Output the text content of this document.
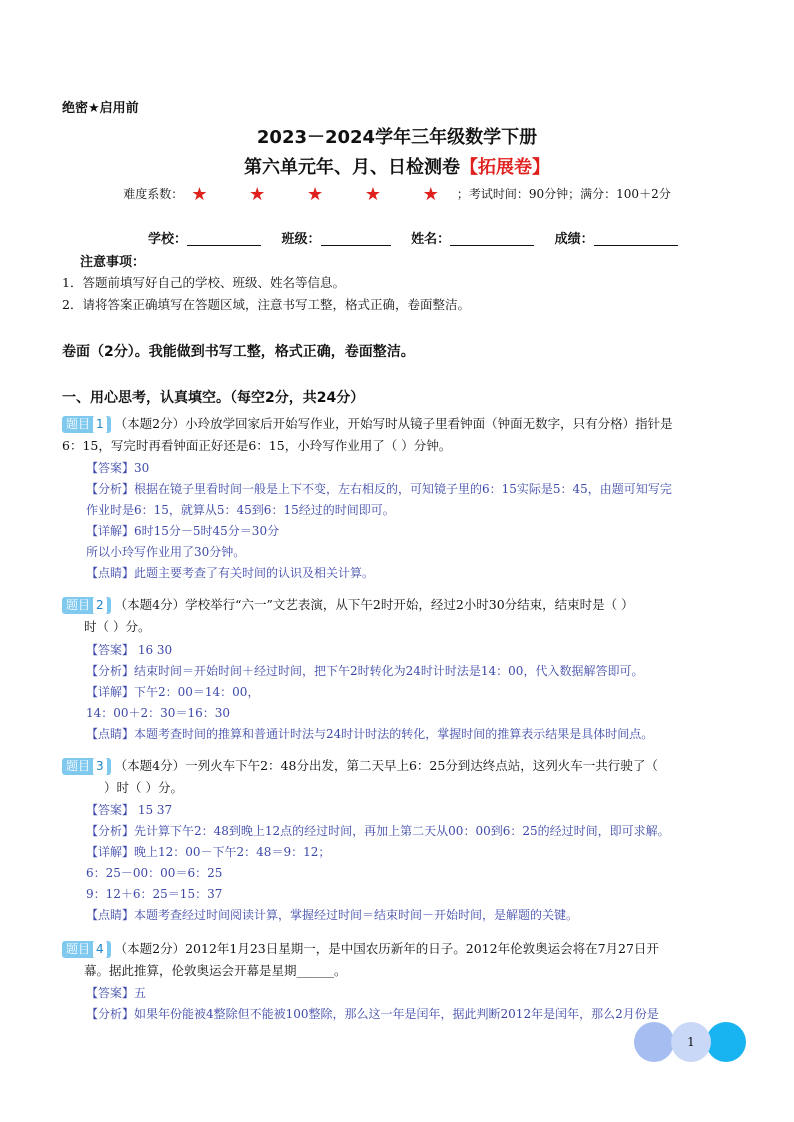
绝密★启用前
2023－2024学年三年级数学下册
第六单元年、月、日检测卷【拓展卷】
难度系数： ★ ★ ★ ★ ★；考试时间：90分钟；满分：100＋2分
学校：	班级：	姓名：	成绩：
注意事项：
1．答题前填写好自己的学校、班级、姓名等信息。
2．请将答案正确填写在答题区域，注意书写工整，格式正确，卷面整洁。
卷面（2分）。我能做到书写工整，格式正确，卷面整洁。
一、用心思考，认真填空。（每空2分，共24分）
题目 1 （本题2分）小玲放学回家后开始写作业，开始写时从镜子里看钟面（钟面无数字，只有分格）指针是
6：15，写完时再看钟面正好还是6：15，小玲写作业用了（ ）分钟。
【答案】30
【分析】根据在镜子里看时间一般是上下不变，左右相反的，可知镜子里的6：15实际是5：45，由题可知写完
作业时是6：15，就算从5：45到6：15经过的时间即可。
【详解】6时15分－5时45分＝30分
所以小玲写作业用了30分钟。
【点睛】此题主要考查了有关时间的认识及相关计算。
题目 2 （本题4分）学校举行“六一”文艺表演，从下午2时开始，经过2小时30分结束，结束时是（ ）
时（ ）分。
【答案】 16 30
【分析】结束时间＝开始时间＋经过时间，把下午2时转化为24时计时法是14：00，代入数据解答即可。
【详解】下午2：00＝14：00，
14：00＋2：30＝16：30
【点睛】本题考查时间的推算和普通计时法与24时计时法的转化，掌握时间的推算表示结果是具体时间点。
题目 3 （本题4分）一列火车下午2：48分出发，第二天早上6：25分到达终点站，这列火车一共行驶了（
）时（ ）分。
【答案】 15 37
【分析】先计算下午2：48到晚上12点的经过时间，再加上第二天从00：00到6：25的经过时间，即可求解。
【详解】晚上12：00－下午2：48＝9：12；
6：25－00：00＝6：25
9：12＋6：25＝15：37
【点睛】本题考查经过时间阅读计算，掌握经过时间＝结束时间－开始时间，是解题的关键。
题目 4 （本题2分）2012年1月23日星期一，是中国农历新年的日子。2012年伦敦奥运会将在7月27日开
幕。据此推算，伦敦奥运会开幕是星期______。
【答案】五
【分析】如果年份能被4整除但不能被100整除，那么这一年是闰年，据此判断2012年是闰年，那么2月份是
1
